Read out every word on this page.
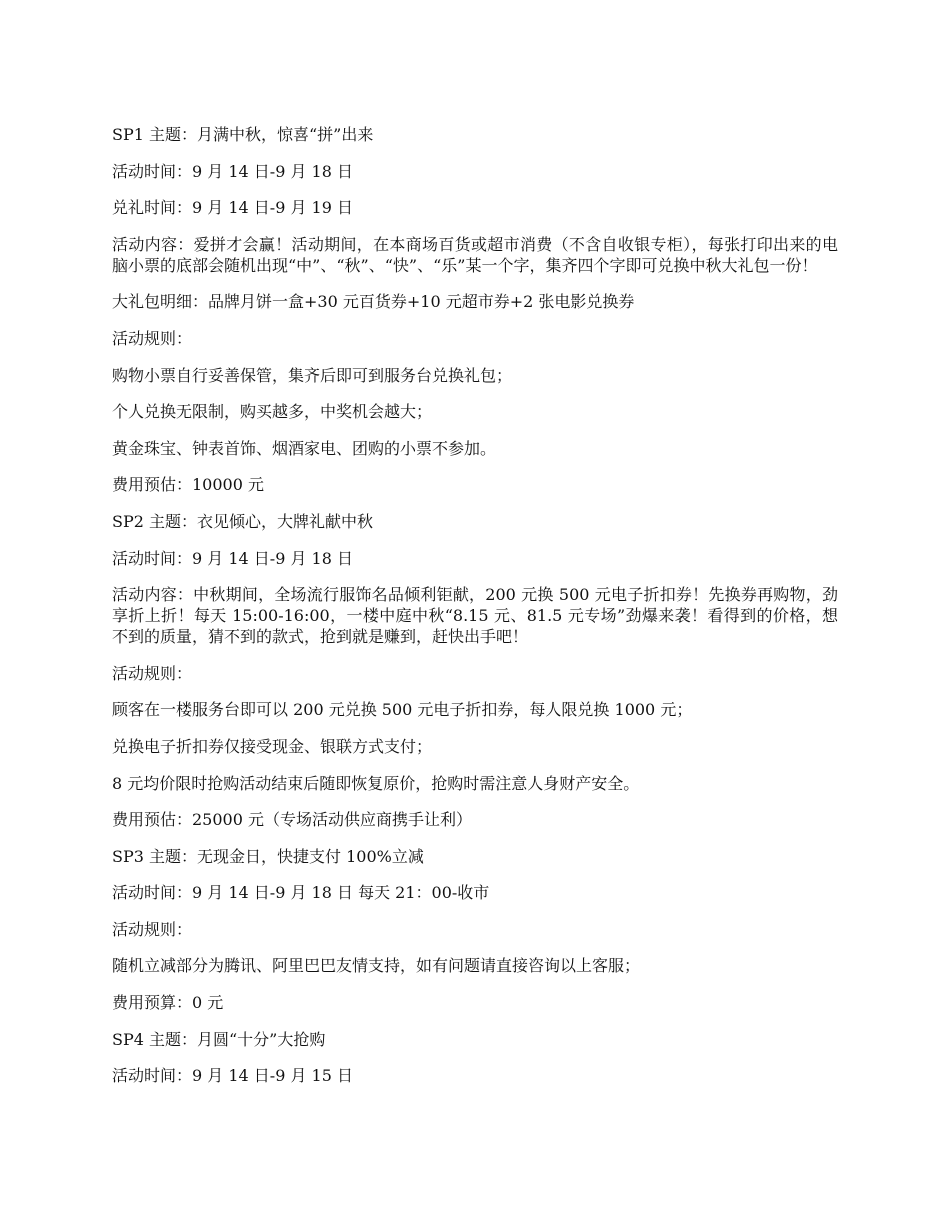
SP1 主题：月满中秋，惊喜“拼”出来

活动时间：9 月 14 日-9 月 18 日

兑礼时间：9 月 14 日-9 月 19 日

活动内容：爱拼才会赢！活动期间，在本商场百货或超市消费（不含自收银专柜），每张打印出来的电脑小票的底部会随机出现“中”、“秋”、“快”、“乐”某一个字，集齐四个字即可兑换中秋大礼包一份！

大礼包明细：品牌月饼一盒+30 元百货券+10 元超市券+2 张电影兑换券

活动规则：

购物小票自行妥善保管，集齐后即可到服务台兑换礼包；

个人兑换无限制，购买越多，中奖机会越大；

黄金珠宝、钟表首饰、烟酒家电、团购的小票不参加。

费用预估：10000 元

SP2 主题：衣见倾心，大牌礼献中秋

活动时间：9 月 14 日-9 月 18 日

活动内容：中秋期间，全场流行服饰名品倾利钜献，200 元换 500 元电子折扣券！先换券再购物，劲享折上折！每天 15:00-16:00，一楼中庭中秋“8.15 元、81.5 元专场”劲爆来袭！看得到的价格，想不到的质量，猜不到的款式，抢到就是赚到，赶快出手吧！

活动规则：

顾客在一楼服务台即可以 200 元兑换 500 元电子折扣券，每人限兑换 1000 元；

兑换电子折扣券仅接受现金、银联方式支付；

8 元均价限时抢购活动结束后随即恢复原价，抢购时需注意人身财产安全。

费用预估：25000 元（专场活动供应商携手让利）

SP3 主题：无现金日，快捷支付 100%立减

活动时间：9 月 14 日-9 月 18 日 每天 21：00-收市

活动规则：

随机立减部分为腾讯、阿里巴巴友情支持，如有问题请直接咨询以上客服；

费用预算：0 元

SP4 主题：月圆“十分”大抢购

活动时间：9 月 14 日-9 月 15 日
